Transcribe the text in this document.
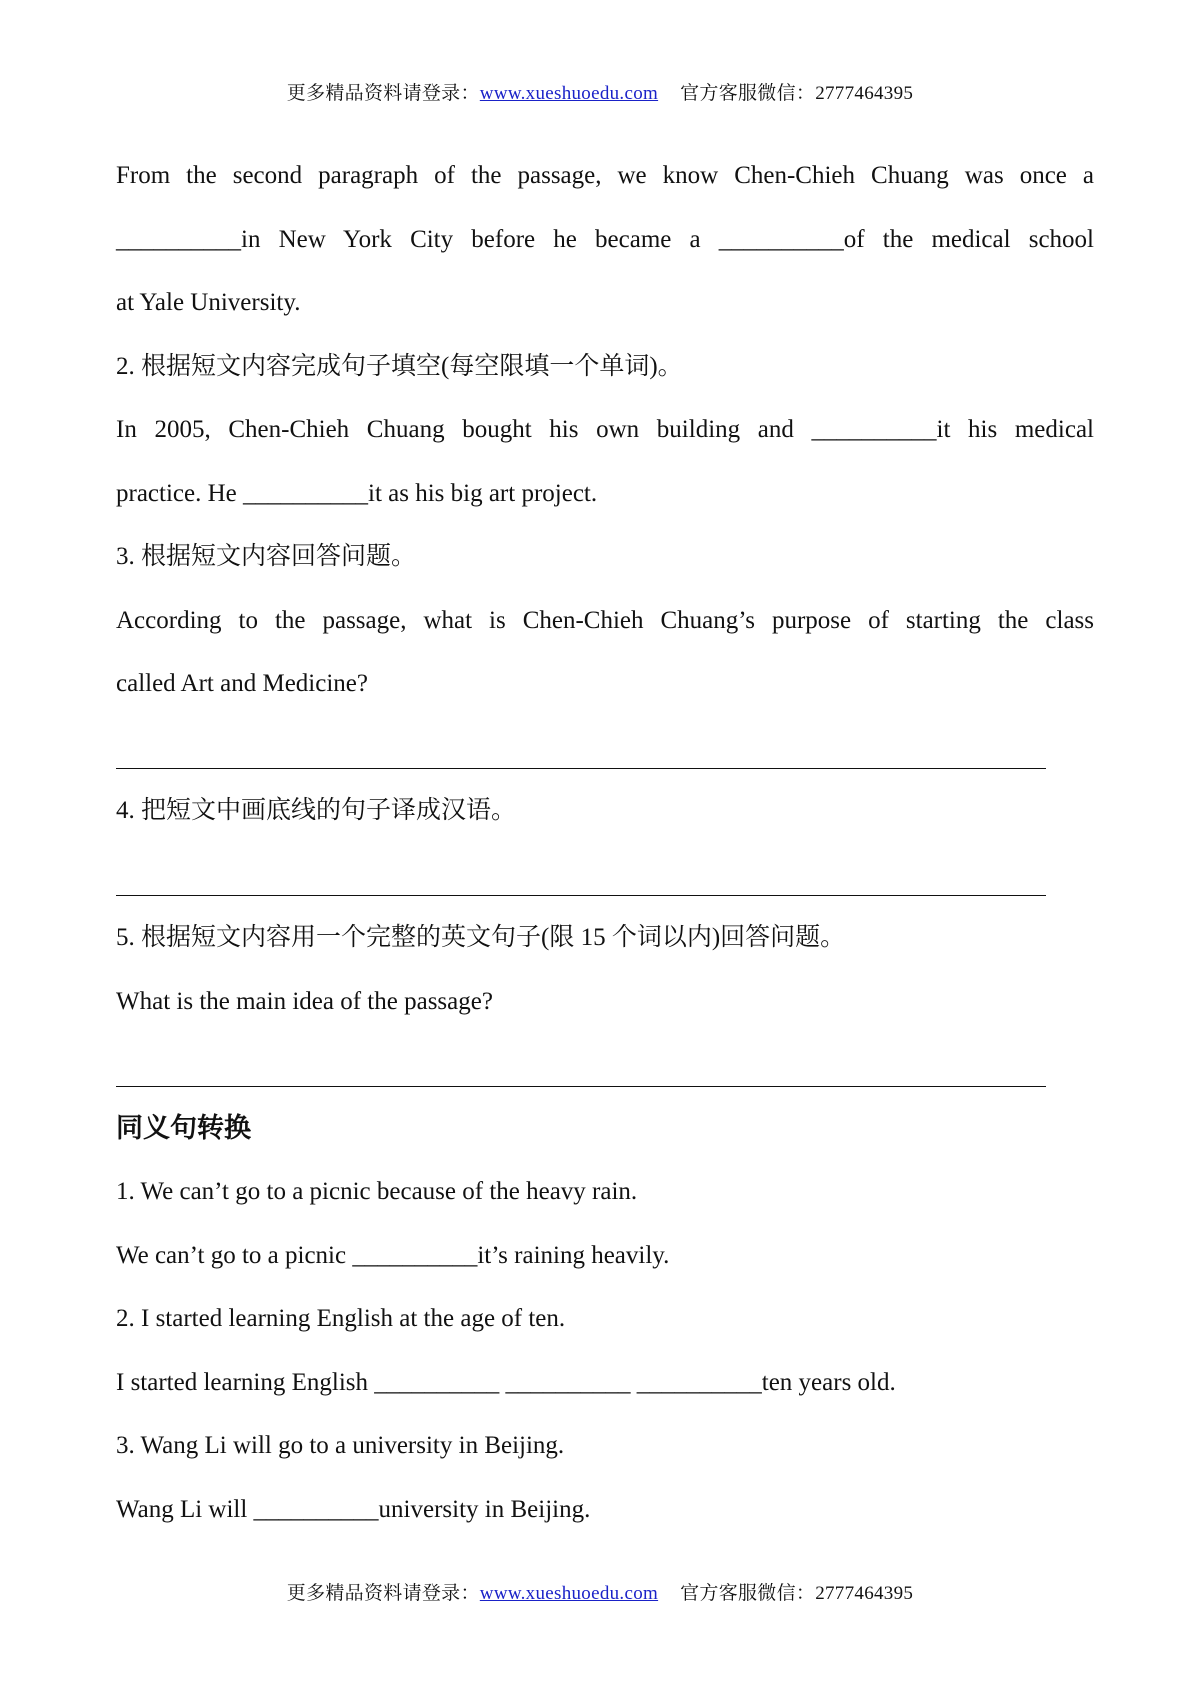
更多精品资料请登录：www.xueshuoedu.com 官方客服微信：2777464395
From the second paragraph of the passage, we know Chen-Chieh Chuang was once a
__________in New York City before he became a __________of the medical school
at Yale University.
2. 根据短文内容完成句子填空(每空限填一个单词)。
In 2005, Chen-Chieh Chuang bought his own building and __________it his medical
practice. He __________it as his big art project.
3. 根据短文内容回答问题。
According to the passage, what is Chen-Chieh Chuang’s purpose of starting the class
called Art and Medicine?
4. 把短文中画底线的句子译成汉语。
5. 根据短文内容用一个完整的英文句子(限 15 个词以内)回答问题。
What is the main idea of the passage?
同义句转换
1. We can’t go to a picnic because of the heavy rain.
We can’t go to a picnic __________it’s raining heavily.
2. I started learning English at the age of ten.
I started learning English __________ __________ __________ten years old.
3. Wang Li will go to a university in Beijing.
Wang Li will __________university in Beijing.
更多精品资料请登录：www.xueshuoedu.com 官方客服微信：2777464395
